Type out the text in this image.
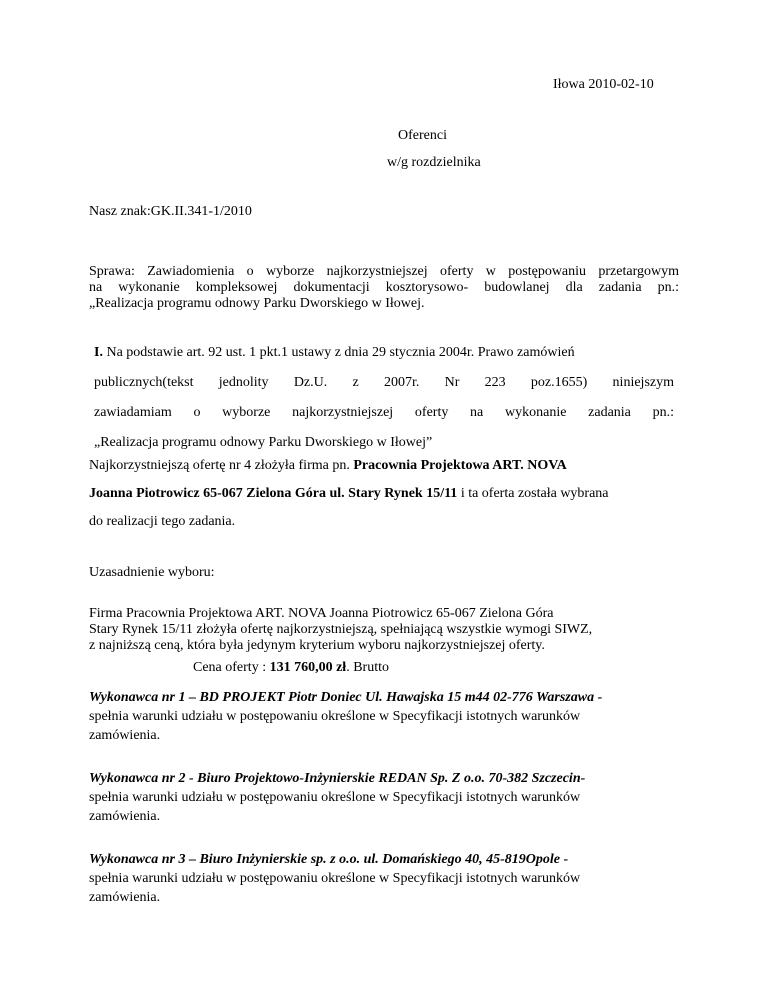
Iłowa 2010-02-10
Oferenci
w/g rozdzielnika
Nasz znak:GK.II.341-1/2010
Sprawa: Zawiadomienia o wyborze najkorzystniejszej oferty w postępowaniu przetargowym
na wykonanie kompleksowej dokumentacji kosztorysowo- budowlanej dla zadania pn.:
„Realizacja programu odnowy Parku Dworskiego w Iłowej.
I. Na podstawie art. 92 ust. 1 pkt.1 ustawy z dnia 29 stycznia 2004r. Prawo zamówień
publicznych(tekst jednolity Dz.U. z 2007r. Nr 223 poz.1655) niniejszym
zawiadamiam o wyborze najkorzystniejszej oferty na wykonanie zadania pn.:
„Realizacja programu odnowy Parku Dworskiego w Iłowej”
Najkorzystniejszą ofertę nr 4 złożyła firma pn. Pracownia Projektowa ART. NOVA
Joanna Piotrowicz 65-067 Zielona Góra ul. Stary Rynek 15/11 i ta oferta została wybrana
do realizacji tego zadania.
Uzasadnienie wyboru:
Firma Pracownia Projektowa ART. NOVA Joanna Piotrowicz 65-067 Zielona Góra
Stary Rynek 15/11 złożyła ofertę najkorzystniejszą, spełniającą wszystkie wymogi SIWZ,
z najniższą ceną, która była jedynym kryterium wyboru najkorzystniejszej oferty.
Cena oferty : 131 760,00 zł. Brutto
Wykonawca nr 1 – BD PROJEKT Piotr Doniec Ul. Hawajska 15 m44 02-776 Warszawa -
spełnia warunki udziału w postępowaniu określone w Specyfikacji istotnych warunków
zamówienia.
Wykonawca nr 2 - Biuro Projektowo-Inżynierskie REDAN Sp. Z o.o. 70-382 Szczecin-
spełnia warunki udziału w postępowaniu określone w Specyfikacji istotnych warunków
zamówienia.
Wykonawca nr 3 – Biuro Inżynierskie sp. z o.o. ul. Domańskiego 40, 45-819Opole -
spełnia warunki udziału w postępowaniu określone w Specyfikacji istotnych warunków
zamówienia.
